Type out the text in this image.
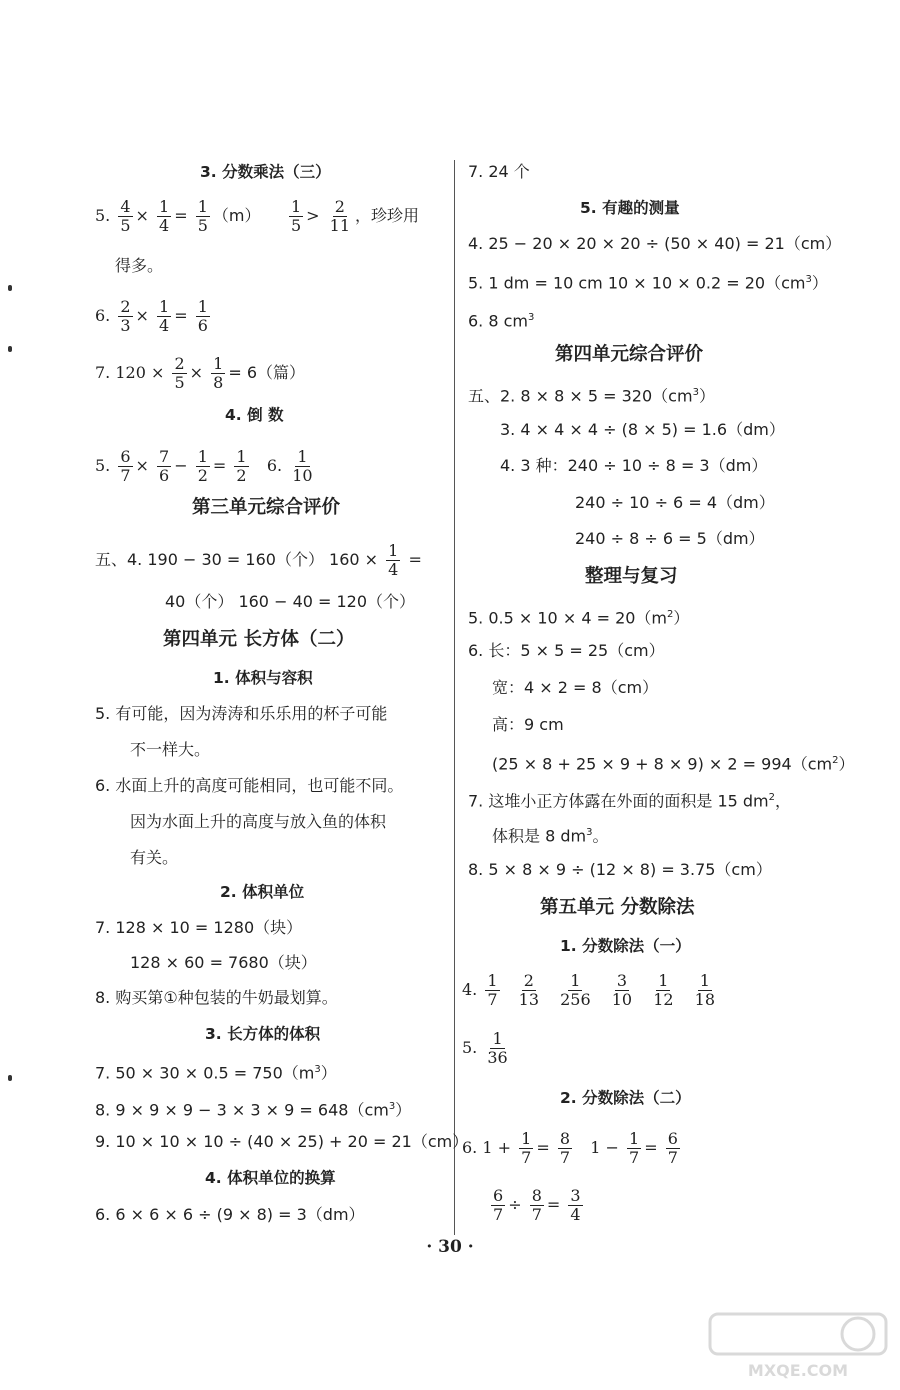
3. 分数乘法（三）
5. $\frac{4}{5} \times \frac{1}{4} = \frac{1}{5} (m) \frac{1}{5} > \frac{2}{11}$ ，珍珍用
得多。
6. $\frac{2}{3} \times \frac{1}{4} = \frac{1}{6}$
7. $120 \times \frac{2}{5} \times \frac{1}{8} = 6$（篇）
4. 倒 数
5. $\frac{6}{7} \times \frac{7}{6} - \frac{1}{2} = \frac{1}{2} 6$. $\frac{1}{10}$
第三单元综合评价
五、4. 190 − 30 = 160（个） $160 \times \frac{1}{4}$ =
40（个） 160 − 40 = 120（个）
第四单元 长方体（二）
1. 体积与容积
5. 有可能，因为涛涛和乐乐用的杯子可能
不一样大。
6. 水面上升的高度可能相同，也可能不同。
因为水面上升的高度与放入鱼的体积
有关。
2. 体积单位
7. 128 × 10 = 1280（块）
128 × 60 = 7680（块）
8. 购买第①种包装的牛奶最划算。
3. 长方体的体积
7. $50 \times 30 \times 0.5 = 750(m^3)$
8. $9 \times 9 \times 9 - 3 \times 3 \times 9 = 648(cm^3)$
9. 10 × 10 × 10 ÷ (40 × 25) + 20 = 21（cm）
4. 体积单位的换算
6. 6 × 6 × 6 ÷ (9 × 8) = 3（dm）
7. 24 个
5. 有趣的测量
4. 25 − 20 × 20 × 20 ÷ (50 × 40) = 21（cm）
5. 1 dm = 10 cm $10 \times 10 \times 0.2 = 20(cm^3)$
6. 8 $cm^3$
第四单元综合评价
五、2. $8 \times 8 \times 5 = 320(cm^3)$
3. 4 × 4 × 4 ÷ (8 × 5) = 1.6（dm）
4. 3 种：240 ÷ 10 ÷ 8 = 3（dm）
240 ÷ 10 ÷ 6 = 4（dm）
240 ÷ 8 ÷ 6 = 5（dm）
整理与复习
5. $0.5 \times 10 \times 4 = 20(m^2)$
6. 长：5 × 5 = 25（cm）
宽：4 × 2 = 8（cm）
高：9 cm
$(25 \times 8 + 25 \times 9 + 8 \times 9) \times 2 = 994(cm^2)$
7. 这堆小正方体露在外面的面积是 15 $dm^2$，
体积是 8 $dm^3$。
8. 5 × 8 × 9 ÷ (12 × 8) = 3.75（cm）
第五单元 分数除法
1. 分数除法（一）
4. $\frac{1}{7}$
$\frac{2}{13}$
$\frac{1}{256}$
$\frac{3}{10}$
$\frac{1}{12}$
$\frac{1}{18}$
5. $\frac{1}{36}$
2. 分数除法（二）
6. $1 + \frac{1}{7} = \frac{8}{7} 1 - \frac{1}{7} = \frac{6}{7}$
$\frac{6}{7} \div \frac{8}{7} = \frac{3}{4}$
· 30 ·
MXQE.COM
